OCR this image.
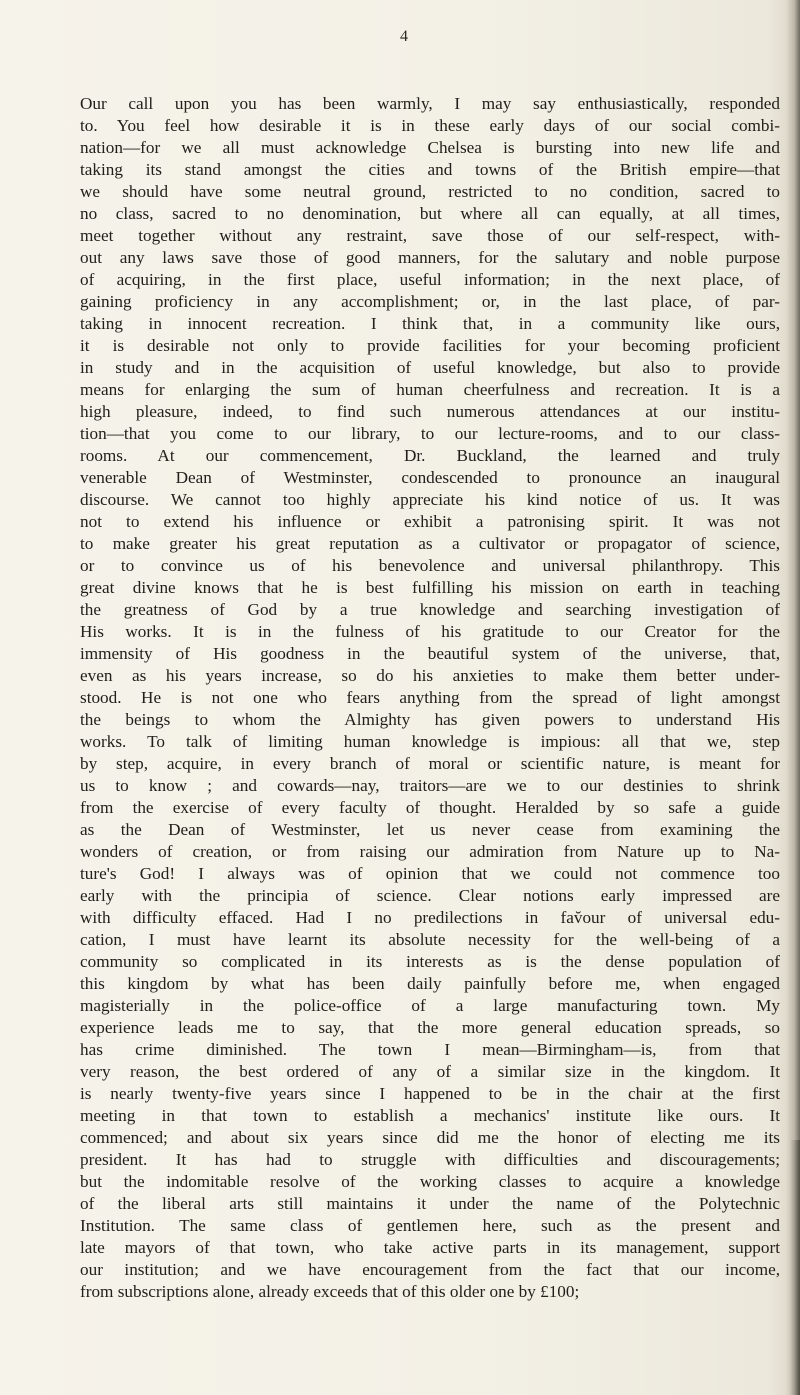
4
Our call upon you has been warmly, I may say enthusiastically, responded
to. You feel how desirable it is in these early days of our social combi-
nation—for we all must acknowledge Chelsea is bursting into new life and
taking its stand amongst the cities and towns of the British empire—that
we should have some neutral ground, restricted to no condition, sacred to
no class, sacred to no denomination, but where all can equally, at all times,
meet together without any restraint, save those of our self-respect, with-
out any laws save those of good manners, for the salutary and noble purpose
of acquiring, in the first place, useful information; in the next place, of
gaining proficiency in any accomplishment; or, in the last place, of par-
taking in innocent recreation. I think that, in a community like ours,
it is desirable not only to provide facilities for your becoming proficient
in study and in the acquisition of useful knowledge, but also to provide
means for enlarging the sum of human cheerfulness and recreation. It is a
high pleasure, indeed, to find such numerous attendances at our institu-
tion—that you come to our library, to our lecture-rooms, and to our class-
rooms. At our commencement, Dr. Buckland, the learned and truly
venerable Dean of Westminster, condescended to pronounce an inaugural
discourse. We cannot too highly appreciate his kind notice of us. It was
not to extend his influence or exhibit a patronising spirit. It was not
to make greater his great reputation as a cultivator or propagator of science,
or to convince us of his benevolence and universal philanthropy. This
great divine knows that he is best fulfilling his mission on earth in teaching
the greatness of God by a true knowledge and searching investigation of
His works. It is in the fulness of his gratitude to our Creator for the
immensity of His goodness in the beautiful system of the universe, that,
even as his years increase, so do his anxieties to make them better under-
stood. He is not one who fears anything from the spread of light amongst
the beings to whom the Almighty has given powers to understand His
works. To talk of limiting human knowledge is impious: all that we, step
by step, acquire, in every branch of moral or scientific nature, is meant for
us to know ; and cowards—nay, traitors—are we to our destinies to shrink
from the exercise of every faculty of thought. Heralded by so safe a guide
as the Dean of Westminster, let us never cease from examining the
wonders of creation, or from raising our admiration from Nature up to Na-
ture's God! I always was of opinion that we could not commence too
early with the principia of science. Clear notions early impressed are
with difficulty effaced. Had I no predilections in fav̆our of universal edu-
cation, I must have learnt its absolute necessity for the well-being of a
community so complicated in its interests as is the dense population of
this kingdom by what has been daily painfully before me, when engaged
magisterially in the police-office of a large manufacturing town. My
experience leads me to say, that the more general education spreads, so
has crime diminished. The town I mean—Birmingham—is, from that
very reason, the best ordered of any of a similar size in the kingdom. It
is nearly twenty-five years since I happened to be in the chair at the first
meeting in that town to establish a mechanics' institute like ours. It
commenced; and about six years since did me the honor of electing me its
president. It has had to struggle with difficulties and discouragements;
but the indomitable resolve of the working classes to acquire a knowledge
of the liberal arts still maintains it under the name of the Polytechnic
Institution. The same class of gentlemen here, such as the present and
late mayors of that town, who take active parts in its management, support
our institution; and we have encouragement from the fact that our income,
from subscriptions alone, already exceeds that of this older one by £100;
